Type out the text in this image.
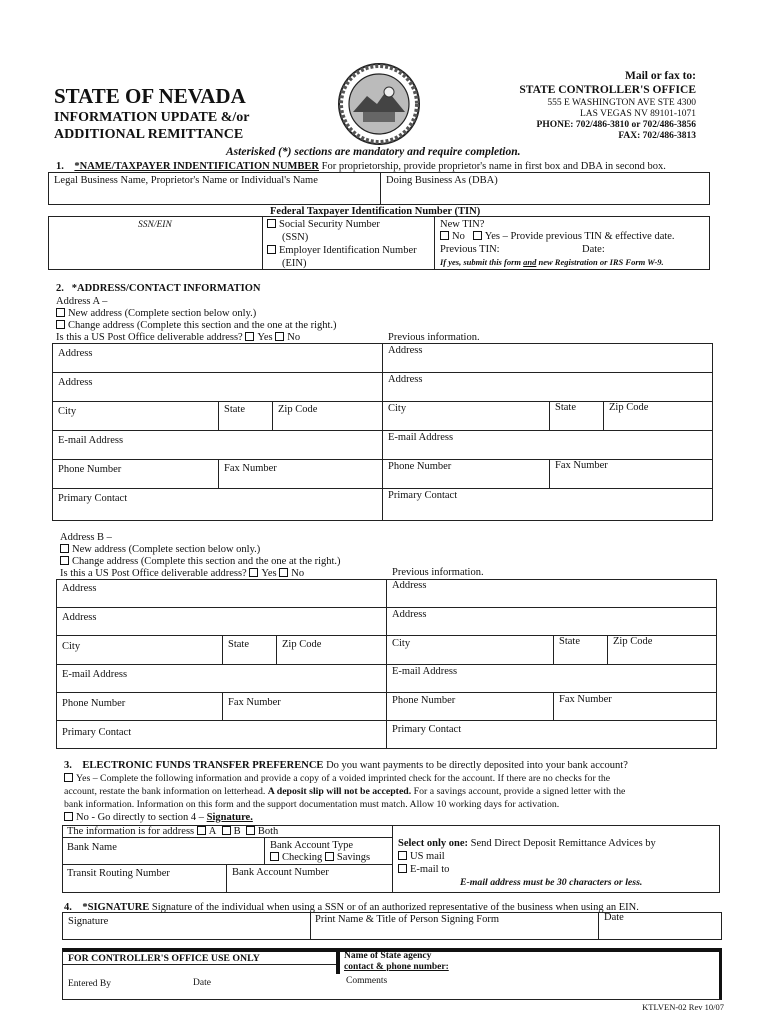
STATE OF NEVADA
INFORMATION UPDATE &/or
ADDITIONAL REMITTANCE
Mail or fax to:
STATE CONTROLLER'S OFFICE
555 E WASHINGTON AVE STE 4300
LAS VEGAS NV 89101-1071
PHONE: 702/486-3810 or 702/486-3856
FAX: 702/486-3813
Asterisked (*) sections are mandatory and require completion.
1. *NAME/TAXPAYER INDENTIFICATION NUMBER For proprietorship, provide proprietor's name in first box and DBA in second box.
Legal Business Name, Proprietor's Name or Individual's Name	Doing Business As (DBA)
Federal Taxpayer Identification Number (TIN)
SSN/EIN	Social Security Number
(SSN)
Employer Identification Number
(EIN)
New TIN?
No Yes – Provide previous TIN & effective date.
Previous TIN:	Date:
If yes, submit this form and new Registration or IRS Form W-9.
2. *ADDRESS/CONTACT INFORMATION
Address A –
New address (Complete section below only.)
Change address (Complete this section and the one at the right.)
Is this a US Post Office deliverable address? Yes No	Previous information.
Address	Address
Address	Address
City	State	Zip Code	City	State	Zip Code
E-mail Address	E-mail Address
Phone Number	Fax Number	Phone Number	Fax Number
Primary Contact	Primary Contact
Address B –
New address (Complete section below only.)
Change address (Complete this section and the one at the right.)
Is this a US Post Office deliverable address? Yes No	Previous information.
Address	Address
Address	Address
City	State	Zip Code	City	State	Zip Code
E-mail Address	E-mail Address
Phone Number	Fax Number	Phone Number	Fax Number
Primary Contact	Primary Contact
3. ELECTRONIC FUNDS TRANSFER PREFERENCE Do you want payments to be directly deposited into your bank account?
Yes – Complete the following information and provide a copy of a voided imprinted check for the account. If there are no checks for the
account, restate the bank information on letterhead. A deposit slip will not be accepted. For a savings account, provide a signed letter with the
bank information. Information on this form and the support documentation must match. Allow 10 working days for activation.
No - Go directly to section 4 – Signature.
The information is for address A B Both
Bank Name	Bank Account Type
Checking Savings
Transit Routing Number	Bank Account Number
Select only one: Send Direct Deposit Remittance Advices by
US mail
E-mail to
E-mail address must be 30 characters or less.
4. *SIGNATURE Signature of the individual when using a SSN or of an authorized representative of the business when using an EIN.
Signature	Print Name & Title of Person Signing Form	Date
FOR CONTROLLER'S OFFICE USE ONLY
Entered By	Date
Name of State agency
contact & phone number:
Comments
KTLVEN-02 Rev 10/07
